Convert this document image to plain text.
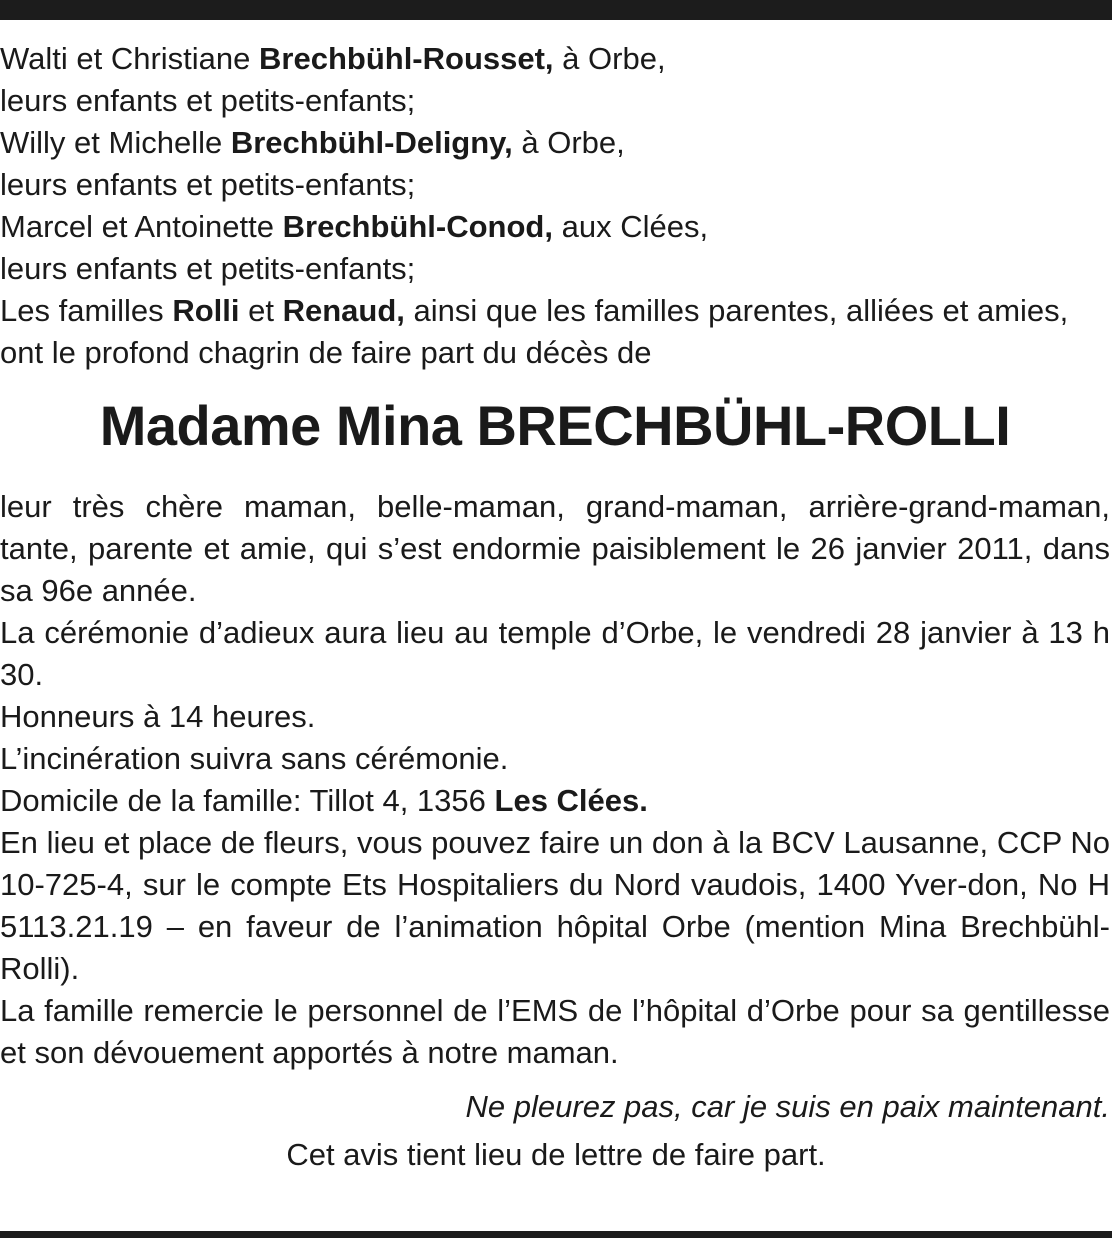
Walti et Christiane Brechbühl-Rousset, à Orbe,
leurs enfants et petits-enfants;
Willy et Michelle Brechbühl-Deligny, à Orbe,
leurs enfants et petits-enfants;
Marcel et Antoinette Brechbühl-Conod, aux Clées,
leurs enfants et petits-enfants;
Les familles Rolli et Renaud, ainsi que les familles parentes, alliées et amies,
ont le profond chagrin de faire part du décès de
Madame Mina BRECHBÜHL-ROLLI
leur très chère maman, belle-maman, grand-maman, arrière-grand-maman, tante, parente et amie, qui s’est endormie paisiblement le 26 janvier 2011, dans sa 96e année.
La cérémonie d’adieux aura lieu au temple d’Orbe, le vendredi 28 janvier à 13 h 30.
Honneurs à 14 heures.
L’incinération suivra sans cérémonie.
Domicile de la famille: Tillot 4, 1356 Les Clées.
En lieu et place de fleurs, vous pouvez faire un don à la BCV Lausanne, CCP No 10-725-4, sur le compte Ets Hospitaliers du Nord vaudois, 1400 Yver-don, No H 5113.21.19 – en faveur de l’animation hôpital Orbe (mention Mina Brechbühl-Rolli).
La famille remercie le personnel de l’EMS de l’hôpital d’Orbe pour sa gentillesse et son dévouement apportés à notre maman.
Ne pleurez pas, car je suis en paix maintenant.
Cet avis tient lieu de lettre de faire part.
